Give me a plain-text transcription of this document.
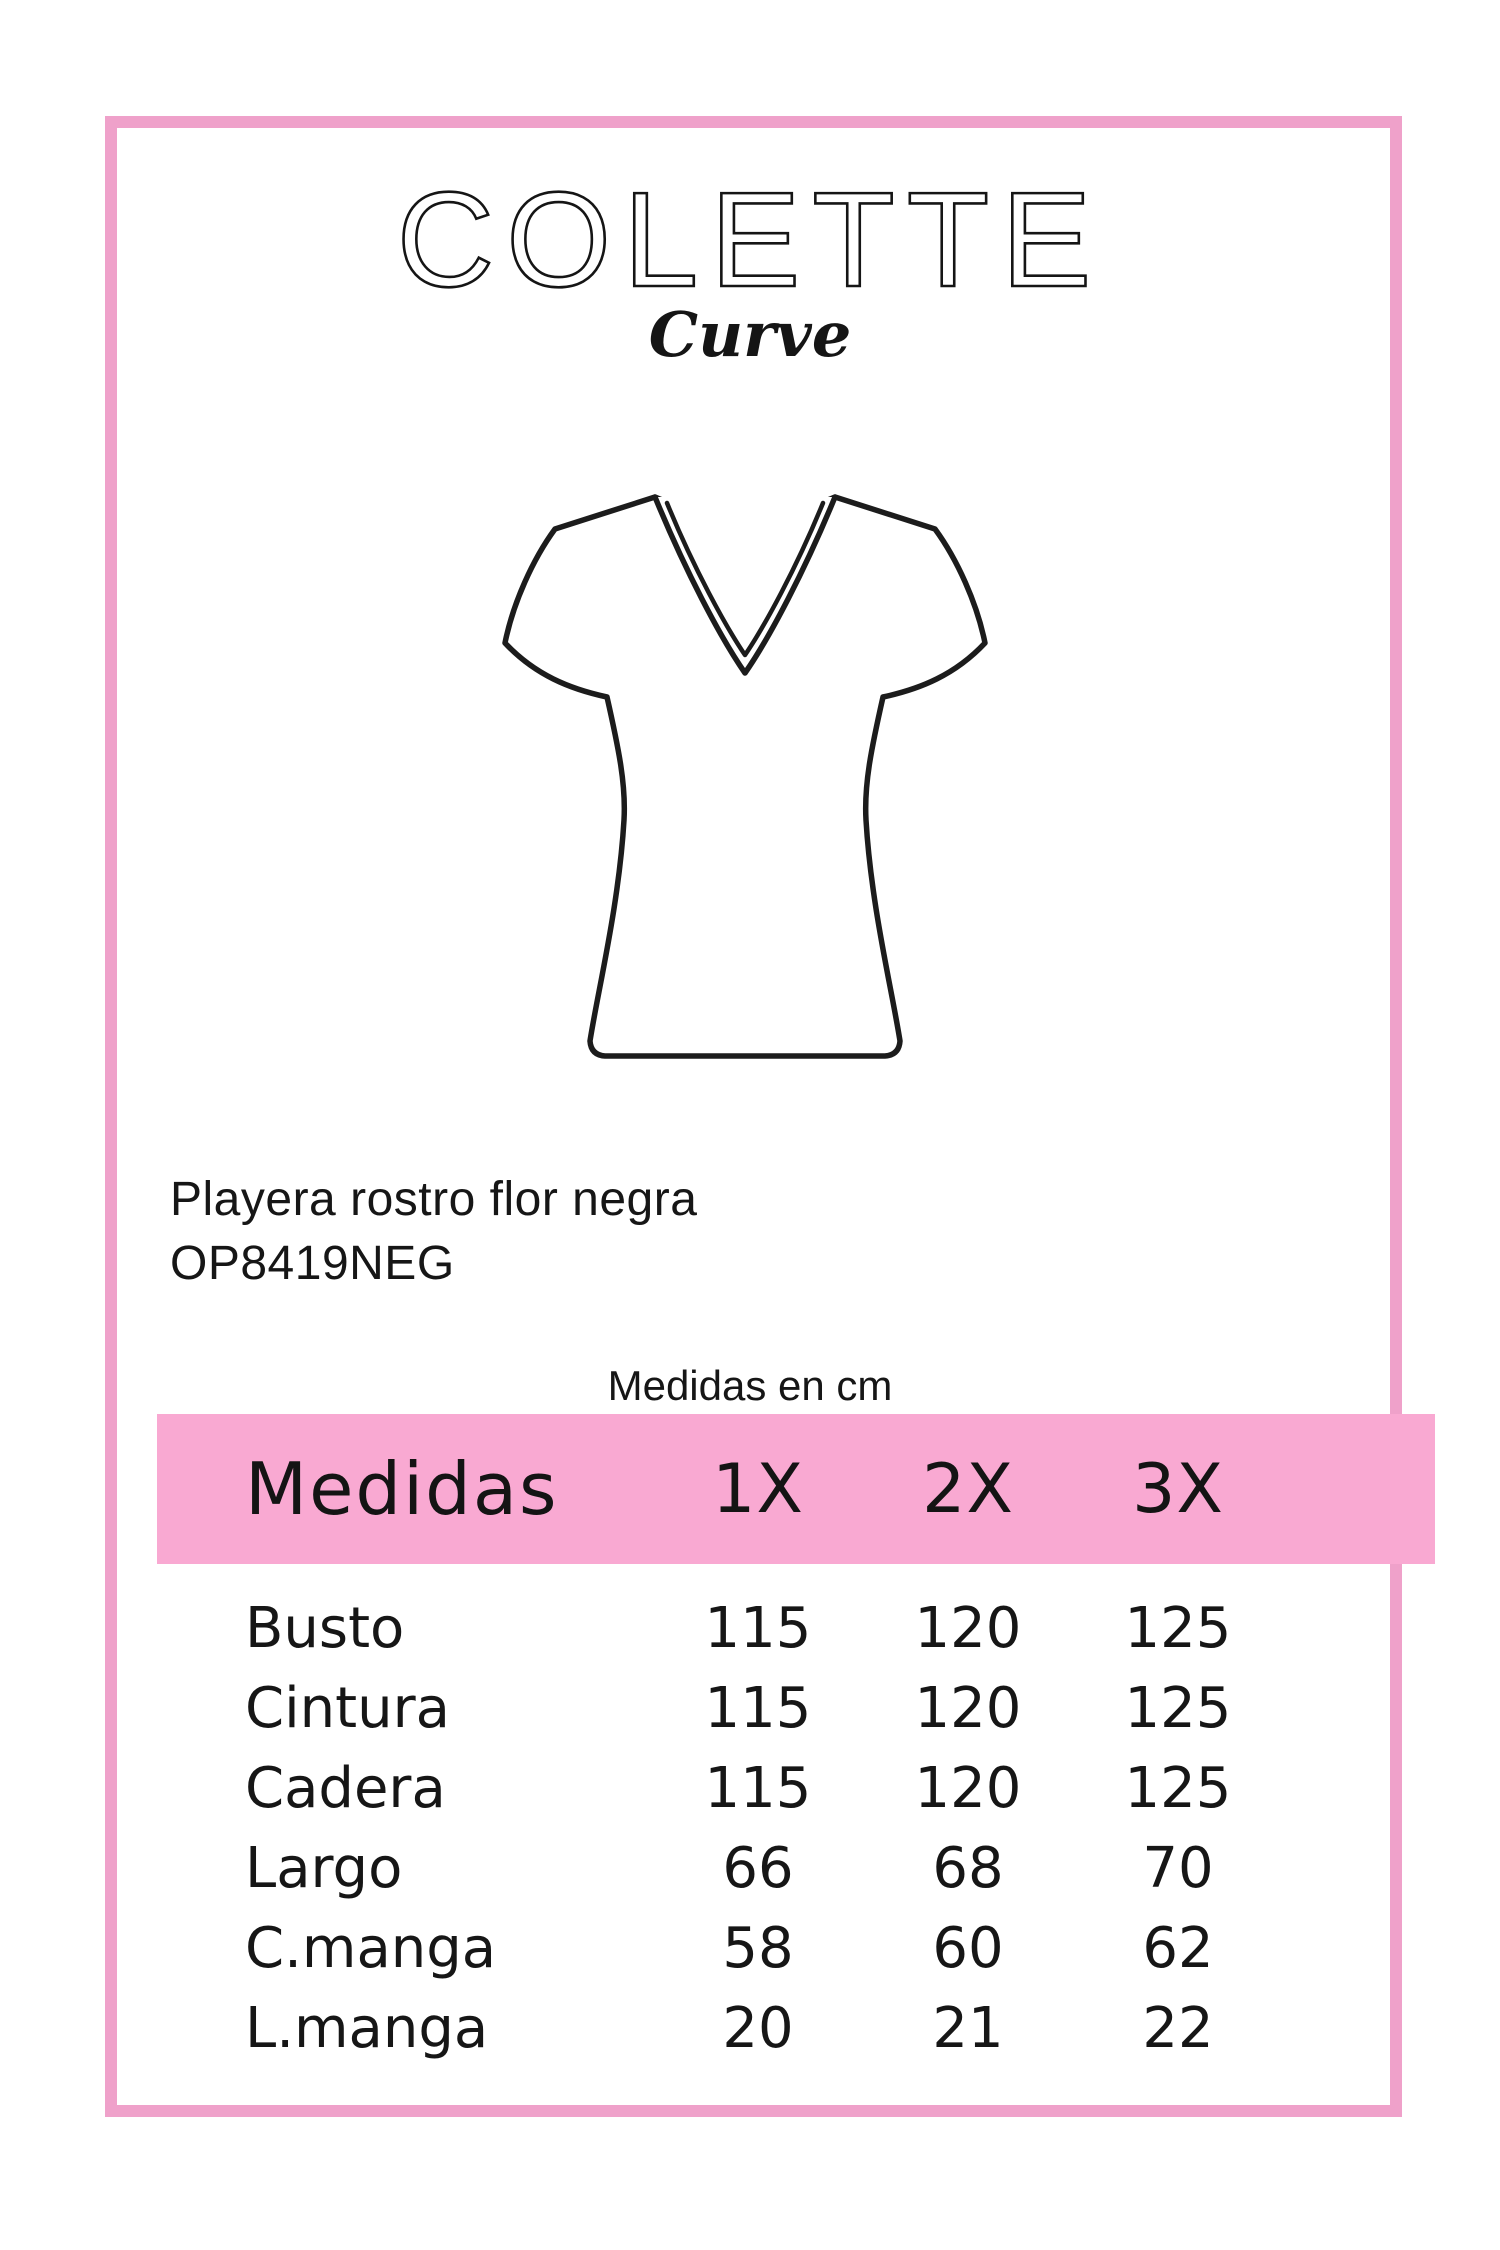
COLETTE
Curve
Playera rostro flor negra
OP8419NEG
Medidas en cm
Medidas	1X	2X	3X
Busto	115	120	125
Cintura	115	120	125
Cadera	115	120	125
Largo	66	68	70
C.manga	58	60	62
L.manga	20	21	22
